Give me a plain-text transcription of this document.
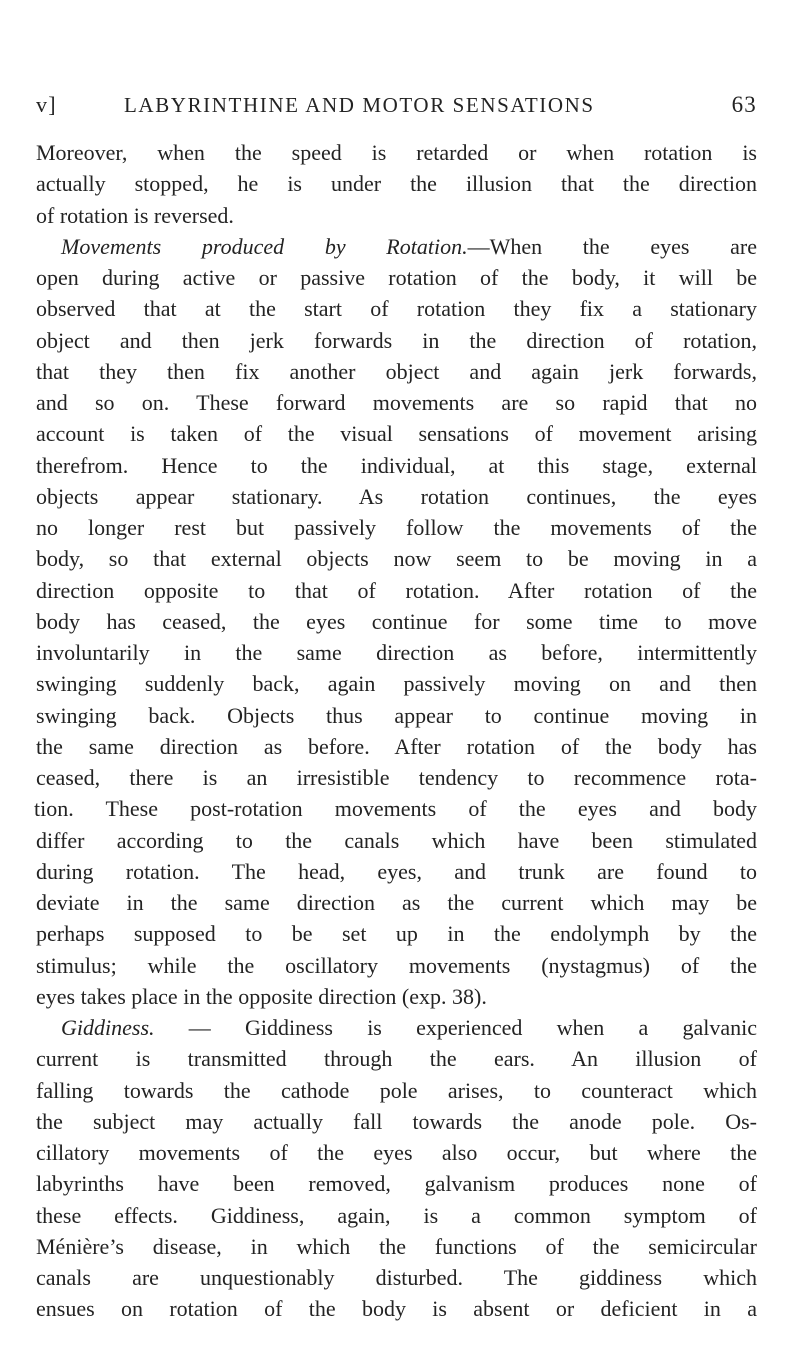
v]	LABYRINTHINE AND MOTOR SENSATIONS	63
Moreover, when the speed is retarded or when rotation is
actually stopped, he is under the illusion that the direction
of rotation is reversed.
Movements produced by Rotation.—When the eyes are
open during active or passive rotation of the body, it will be
observed that at the start of rotation they fix a stationary
object and then jerk forwards in the direction of rotation,
that they then fix another object and again jerk forwards,
and so on. These forward movements are so rapid that no
account is taken of the visual sensations of movement arising
therefrom. Hence to the individual, at this stage, external
objects appear stationary. As rotation continues, the eyes
no longer rest but passively follow the movements of the
body, so that external objects now seem to be moving in a
direction opposite to that of rotation. After rotation of the
body has ceased, the eyes continue for some time to move
involuntarily in the same direction as before, intermittently
swinging suddenly back, again passively moving on and then
swinging back. Objects thus appear to continue moving in
the same direction as before. After rotation of the body has
ceased, there is an irresistible tendency to recommence rota-
tion. These post-rotation movements of the eyes and body
differ according to the canals which have been stimulated
during rotation. The head, eyes, and trunk are found to
deviate in the same direction as the current which may be
perhaps supposed to be set up in the endolymph by the
stimulus; while the oscillatory movements (nystagmus) of the
eyes takes place in the opposite direction (exp. 38).
Giddiness. — Giddiness is experienced when a galvanic
current is transmitted through the ears. An illusion of
falling towards the cathode pole arises, to counteract which
the subject may actually fall towards the anode pole. Os-
cillatory movements of the eyes also occur, but where the
labyrinths have been removed, galvanism produces none of
these effects. Giddiness, again, is a common symptom of
Ménière’s disease, in which the functions of the semicircular
canals are unquestionably disturbed. The giddiness which
ensues on rotation of the body is absent or deficient in a
